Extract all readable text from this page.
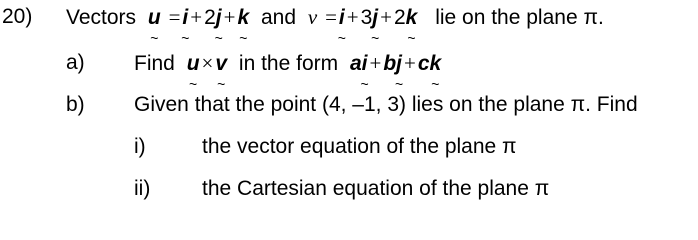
20) Vectors u ~ =i ~+2j ~+k ~ and v =i ~+3j ~+2k ~ lie on the plane π.
a) Find u ~×v ~ in the form ai ~+bj ~+ck ~
b) Given that the point (4, –1, 3) lies on the plane π. Find
i)	the vector equation of the plane π
ii) the Cartesian equation of the plane π
